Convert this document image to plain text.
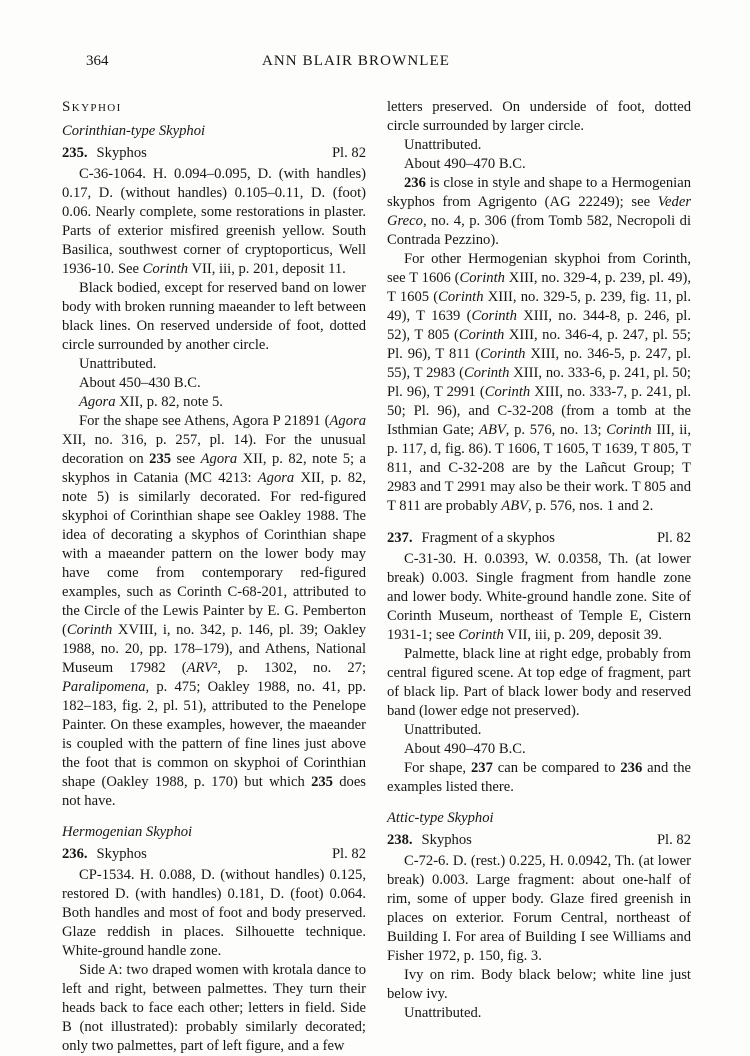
364	ANN BLAIR BROWNLEE
Skyphoi
Corinthian-type Skyphoi
235. Skyphos	Pl. 82

C-36-1064. H. 0.094–0.095, D. (with handles) 0.17, D. (without handles) 0.105–0.11, D. (foot) 0.06. Nearly complete, some restorations in plaster. Parts of exterior misfired greenish yellow. South Basilica, southwest corner of cryptoporticus, Well 1936-10. See Corinth VII, iii, p. 201, deposit 11.

Black bodied, except for reserved band on lower body with broken running maeander to left between black lines. On reserved underside of foot, dotted circle surrounded by another circle.

Unattributed.

About 450–430 B.C.

Agora XII, p. 82, note 5.

For the shape see Athens, Agora P 21891 (Agora XII, no. 316, p. 257, pl. 14). For the unusual decoration on 235 see Agora XII, p. 82, note 5; a skyphos in Catania (MC 4213: Agora XII, p. 82, note 5) is similarly decorated. For red-figured skyphoi of Corinthian shape see Oakley 1988. The idea of decorating a skyphos of Corinthian shape with a maeander pattern on the lower body may have come from contemporary red-figured examples, such as Corinth C-68-201, attributed to the Circle of the Lewis Painter by E. G. Pemberton (Corinth XVIII, i, no. 342, p. 146, pl. 39; Oakley 1988, no. 20, pp. 178–179), and Athens, National Museum 17982 (ARV², p. 1302, no. 27; Paralipomena, p. 475; Oakley 1988, no. 41, pp. 182–183, fig. 2, pl. 51), attributed to the Penelope Painter. On these examples, however, the maeander is coupled with the pattern of fine lines just above the foot that is common on skyphoi of Corinthian shape (Oakley 1988, p. 170) but which 235 does not have.

Hermogenian Skyphoi
236. Skyphos	Pl. 82

CP-1534. H. 0.088, D. (without handles) 0.125, restored D. (with handles) 0.181, D. (foot) 0.064. Both handles and most of foot and body preserved. Glaze reddish in places. Silhouette technique. White-ground handle zone.

Side A: two draped women with krotala dance to left and right, between palmettes. They turn their heads back to face each other; letters in field. Side B (not illustrated): probably similarly decorated; only two palmettes, part of left figure, and a few

letters preserved. On underside of foot, dotted circle surrounded by larger circle.

Unattributed.

About 490–470 B.C.

236 is close in style and shape to a Hermogenian skyphos from Agrigento (AG 22249); see Veder Greco, no. 4, p. 306 (from Tomb 582, Necropoli di Contrada Pezzino).

For other Hermogenian skyphoi from Corinth, see T 1606 (Corinth XIII, no. 329-4, p. 239, pl. 49), T 1605 (Corinth XIII, no. 329-5, p. 239, fig. 11, pl. 49), T 1639 (Corinth XIII, no. 344-8, p. 246, pl. 52), T 805 (Corinth XIII, no. 346-4, p. 247, pl. 55; Pl. 96), T 811 (Corinth XIII, no. 346-5, p. 247, pl. 55), T 2983 (Corinth XIII, no. 333-6, p. 241, pl. 50; Pl. 96), T 2991 (Corinth XIII, no. 333-7, p. 241, pl. 50; Pl. 96), and C-32-208 (from a tomb at the Isthmian Gate; ABV, p. 576, no. 13; Corinth III, ii, p. 117, d, fig. 86). T 1606, T 1605, T 1639, T 805, T 811, and C-32-208 are by the Lañcut Group; T 2983 and T 2991 may also be their work. T 805 and T 811 are probably ABV, p. 576, nos. 1 and 2.

237. Fragment of a skyphos	Pl. 82

C-31-30. H. 0.0393, W. 0.0358, Th. (at lower break) 0.003. Single fragment from handle zone and lower body. White-ground handle zone. Site of Corinth Museum, northeast of Temple E, Cistern 1931-1; see Corinth VII, iii, p. 209, deposit 39.

Palmette, black line at right edge, probably from central figured scene. At top edge of fragment, part of black lip. Part of black lower body and reserved band (lower edge not preserved).

Unattributed.

About 490–470 B.C.

For shape, 237 can be compared to 236 and the examples listed there.

Attic-type Skyphoi
238. Skyphos	Pl. 82

C-72-6. D. (rest.) 0.225, H. 0.0942, Th. (at lower break) 0.003. Large fragment: about one-half of rim, some of upper body. Glaze fired greenish in places on exterior. Forum Central, northeast of Building I. For area of Building I see Williams and Fisher 1972, p. 150, fig. 3.

Ivy on rim. Body black below; white line just below ivy.

Unattributed.
